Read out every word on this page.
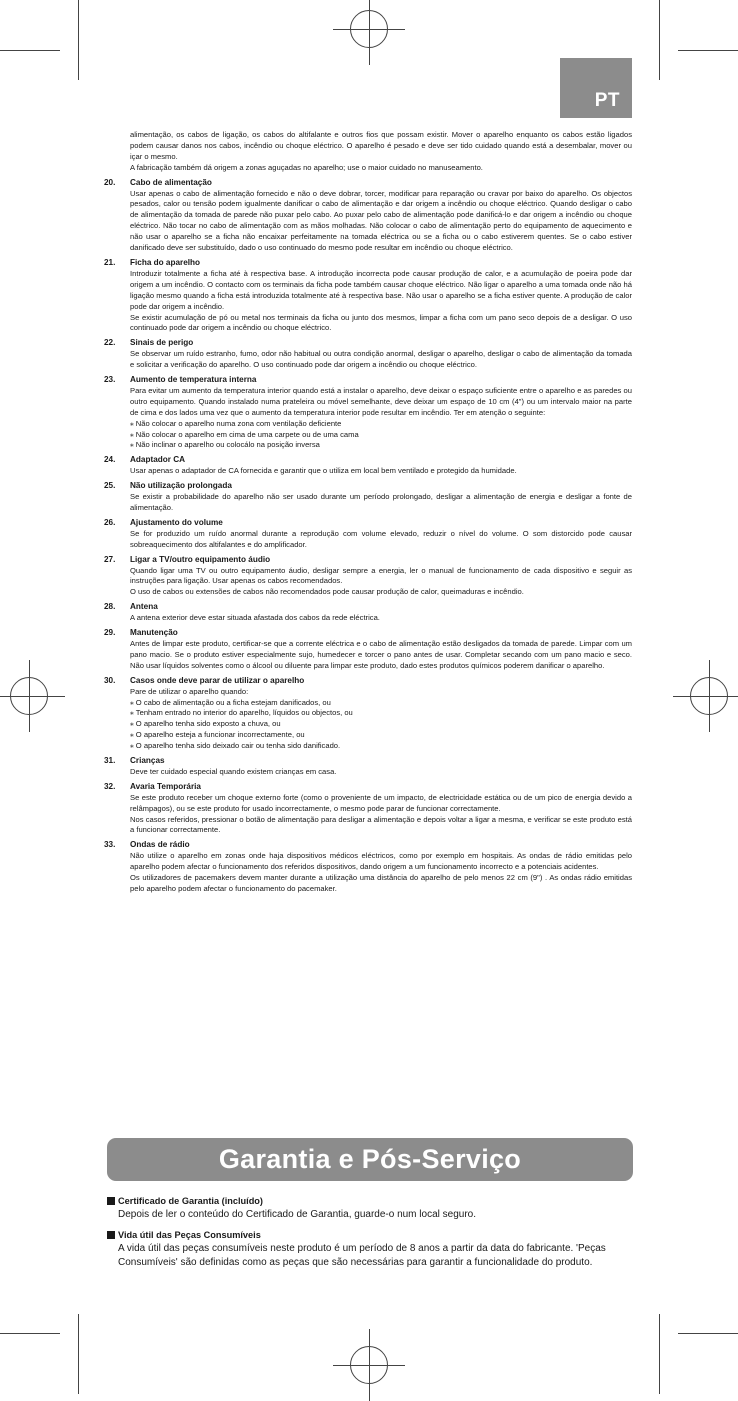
PT

alimentação, os cabos de ligação, os cabos do altifalante e outros fios que possam existir. Mover o aparelho enquanto os cabos estão ligados podem causar danos nos cabos, incêndio ou choque eléctrico. O aparelho é pesado e deve ser tido cuidado quando está a desembalar, mover ou içar o mesmo.

A fabricação também dá origem a zonas aguçadas no aparelho; use o maior cuidado no manuseamento.

20. Cabo de alimentação

Usar apenas o cabo de alimentação fornecido e não o deve dobrar, torcer, modificar para reparação ou cravar por baixo do aparelho. Os objectos pesados, calor ou tensão podem igualmente danificar o cabo de alimentação e dar origem a incêndio ou choque eléctrico. Quando desligar o cabo de alimentação da tomada de parede não puxar pelo cabo. Ao puxar pelo cabo de alimentação pode danificá-lo e dar origem a incêndio ou choque eléctrico. Não tocar no cabo de alimentação com as mãos molhadas. Não colocar o cabo de alimentação perto do equipamento de aquecimento e não usar o aparelho se a ficha não encaixar perfeitamente na tomada eléctrica ou se a ficha ou o cabo estiverem quentes. Se o cabo estiver danificado deve ser substituído, dado o uso continuado do mesmo pode resultar em incêndio ou choque eléctrico.

21. Ficha do aparelho

Introduzir totalmente a ficha até à respectiva base. A introdução incorrecta pode causar produção de calor, e a acumulação de poeira pode dar origem a um incêndio. O contacto com os terminais da ficha pode também causar choque eléctrico. Não ligar o aparelho a uma tomada onde não há ligação mesmo quando a ficha está introduzida totalmente até à respectiva base. Não usar o aparelho se a ficha estiver quente. A produção de calor pode dar origem a incêndio.

Se existir acumulação de pó ou metal nos terminais da ficha ou junto dos mesmos, limpar a ficha com um pano seco depois de a desligar. O uso continuado pode dar origem a incêndio ou choque eléctrico.

22. Sinais de perigo

Se observar um ruído estranho, fumo, odor não habitual ou outra condição anormal, desligar o aparelho, desligar o cabo de alimentação da tomada e solicitar a verificação do aparelho. O uso continuado pode dar origem a incêndio ou choque eléctrico.

23. Aumento de temperatura interna

Para evitar um aumento da temperatura interior quando está a instalar o aparelho, deve deixar o espaço suficiente entre o aparelho e as paredes ou outro equipamento. Quando instalado numa prateleira ou móvel semelhante, deve deixar um espaço de 10 cm (4") ou um intervalo maior na parte de cima e dos lados uma vez que o aumento da temperatura interior pode resultar em incêndio. Ter em atenção o seguinte:

⁎ Não colocar o aparelho numa zona com ventilação deficiente

⁎ Não colocar o aparelho em cima de uma carpete ou de uma cama

⁎ Não inclinar o aparelho ou colocálo na posição inversa

24. Adaptador CA

Usar apenas o adaptador de CA fornecida e garantir que o utiliza em local bem ventilado e protegido da humidade.

25. Não utilização prolongada

Se existir a probabilidade do aparelho não ser usado durante um período prolongado, desligar a alimentação de energia e desligar a fonte de alimentação.

26. Ajustamento do volume

Se for produzido um ruído anormal durante a reprodução com volume elevado, reduzir o nível do volume. O som distorcido pode causar sobreaquecimento dos altifalantes e do amplificador.

27. Ligar a TV/outro equipamento áudio

Quando ligar uma TV ou outro equipamento áudio, desligar sempre a energia, ler o manual de funcionamento de cada dispositivo e seguir as instruções para ligação. Usar apenas os cabos recomendados.

O uso de cabos ou extensões de cabos não recomendados pode causar produção de calor, queimaduras e incêndio.

28. Antena

A antena exterior deve estar situada afastada dos cabos da rede eléctrica.

29. Manutenção

Antes de limpar este produto, certificar-se que a corrente eléctrica e o cabo de alimentação estão desligados da tomada de parede. Limpar com um pano macio. Se o produto estiver especialmente sujo, humedecer e torcer o pano antes de usar. Completar secando com um pano macio e seco. Não usar líquidos solventes como o álcool ou diluente para limpar este produto, dado estes produtos químicos poderem danificar o aparelho.

30. Casos onde deve parar de utilizar o aparelho

Pare de utilizar o aparelho quando:

⁎ O cabo de alimentação ou a ficha estejam danificados, ou

⁎ Tenham entrado no interior do aparelho, líquidos ou objectos, ou

⁎ O aparelho tenha sido exposto a chuva, ou

⁎ O aparelho esteja a funcionar incorrectamente, ou

⁎ O aparelho tenha sido deixado cair ou tenha sido danificado.

31. Crianças

Deve ter cuidado especial quando existem crianças em casa.

32. Avaria Temporária

Se este produto receber um choque externo forte (como o proveniente de um impacto, de electricidade estática ou de um pico de energia devido a relâmpagos), ou se este produto for usado incorrectamente, o mesmo pode parar de funcionar correctamente.

Nos casos referidos, pressionar o botão de alimentação para desligar a alimentação e depois voltar a ligar a mesma, e verificar se este produto está a funcionar correctamente.

33. Ondas de rádio

Não utilize o aparelho em zonas onde haja dispositivos médicos eléctricos, como por exemplo em hospitais. As ondas de rádio emitidas pelo aparelho podem afectar o funcionamento dos referidos dispositivos, dando origem a um funcionamento incorrecto e a potenciais acidentes.

Os utilizadores de pacemakers devem manter durante a utilização uma distância do aparelho de pelo menos 22 cm (9") . As ondas rádio emitidas pelo aparelho podem afectar o funcionamento do pacemaker.

Garantia e Pós-Serviço
Certificado de Garantia (incluído)
Depois de ler o conteúdo do Certificado de Garantia, guarde-o num local seguro.
Vida útil das Peças Consumíveis
A vida útil das peças consumíveis neste produto é um período de 8 anos a partir da data do fabricante. 'Peças Consumíveis' são definidas como as peças que são necessárias para garantir a funcionalidade do produto.
